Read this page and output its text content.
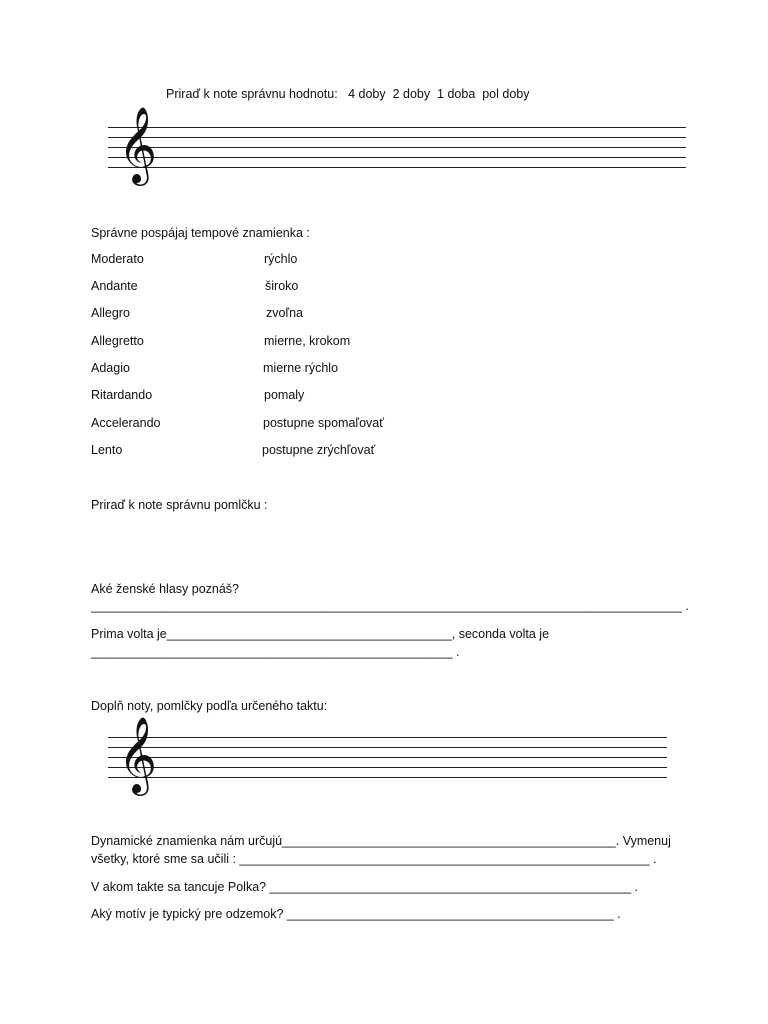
Priraď k note správnu hodnotu:   4 doby  2 doby  1 doba  pol doby
𝄞
Správne pospájaj tempové znamienka :
Moderato	rýchlo
Andante	široko
Allegro	zvoľna
Allegretto	mierne, krokom
Adagio	mierne rýchlo
Ritardando	pomaly
Accelerando	postupne spomaľovať
Lento	postupne zrýchľovať
Priraď k note správnu pomlčku :
Aké ženské hlasy poznáš?
_____________________________________________________________________________________ .
Prima volta je_________________________________________, seconda volta je
____________________________________________________ .
Doplň noty, pomlčky podľa určeného taktu:
𝄞
Dynamické znamienka nám určujú________________________________________________. Vymenuj
všetky, ktoré sme sa učili : ___________________________________________________________ .
V akom takte sa tancuje Polka? ____________________________________________________ .
Aký motív je typický pre odzemok? _______________________________________________ .
